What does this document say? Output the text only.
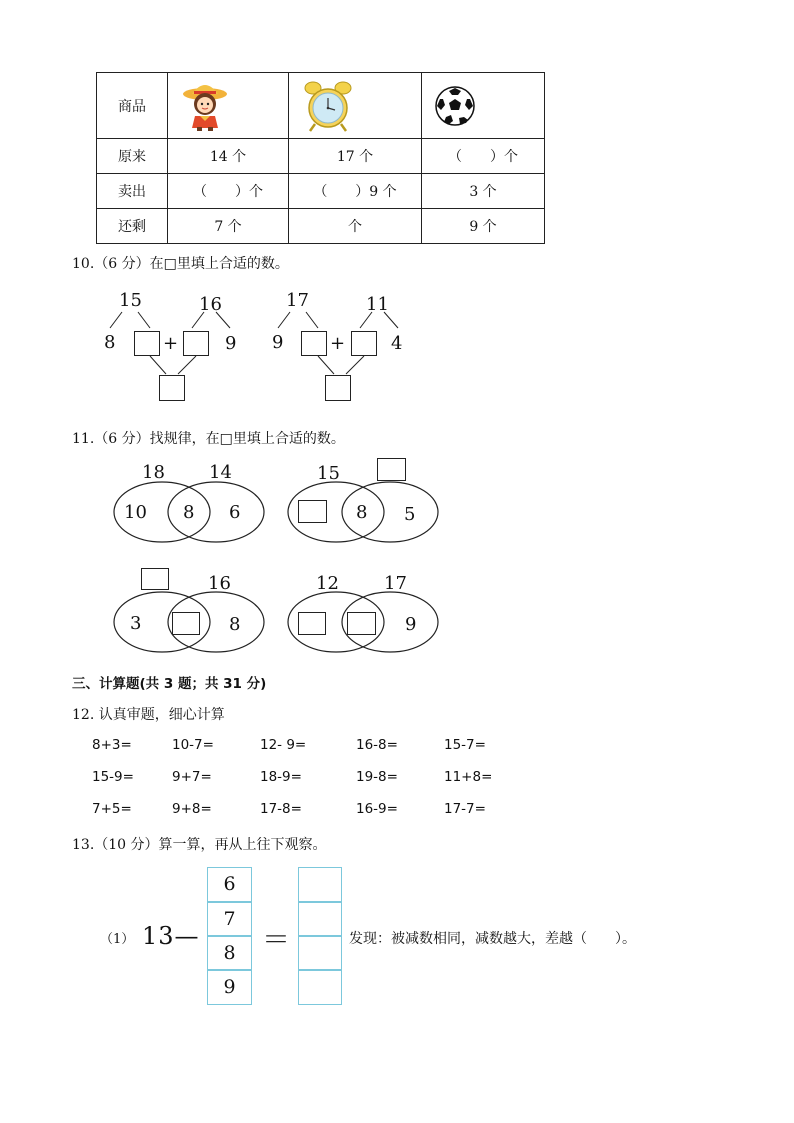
商品	

原来	14 个	17 个	（　　）个
卖出	（　　）个	（　　）9 个	3 个
还剩	7 个	个	9 个
10.（6 分）在□里填上合适的数。
15	16
8	+	9
17	11
9	+	4
11.（6 分）找规律，在□里填上合适的数。
18 14
10 8 6
15
8 5
16
3	8
12	17
9
三、计算题(共 3 题；共 31 分)
12. 认真审题，细心计算
8+3=	10-7=	12- 9=	16-8=	15-7=
15-9=	9+7=	18-9=	19-8=	11+8=
7+5=	9+8=	17-8=	16-9=	17-7=
13.（10 分）算一算，再从上往下观察。
（1） 13—
6
7
8
9
＝	发现：被减数相同，减数越大，差越（　　）。
